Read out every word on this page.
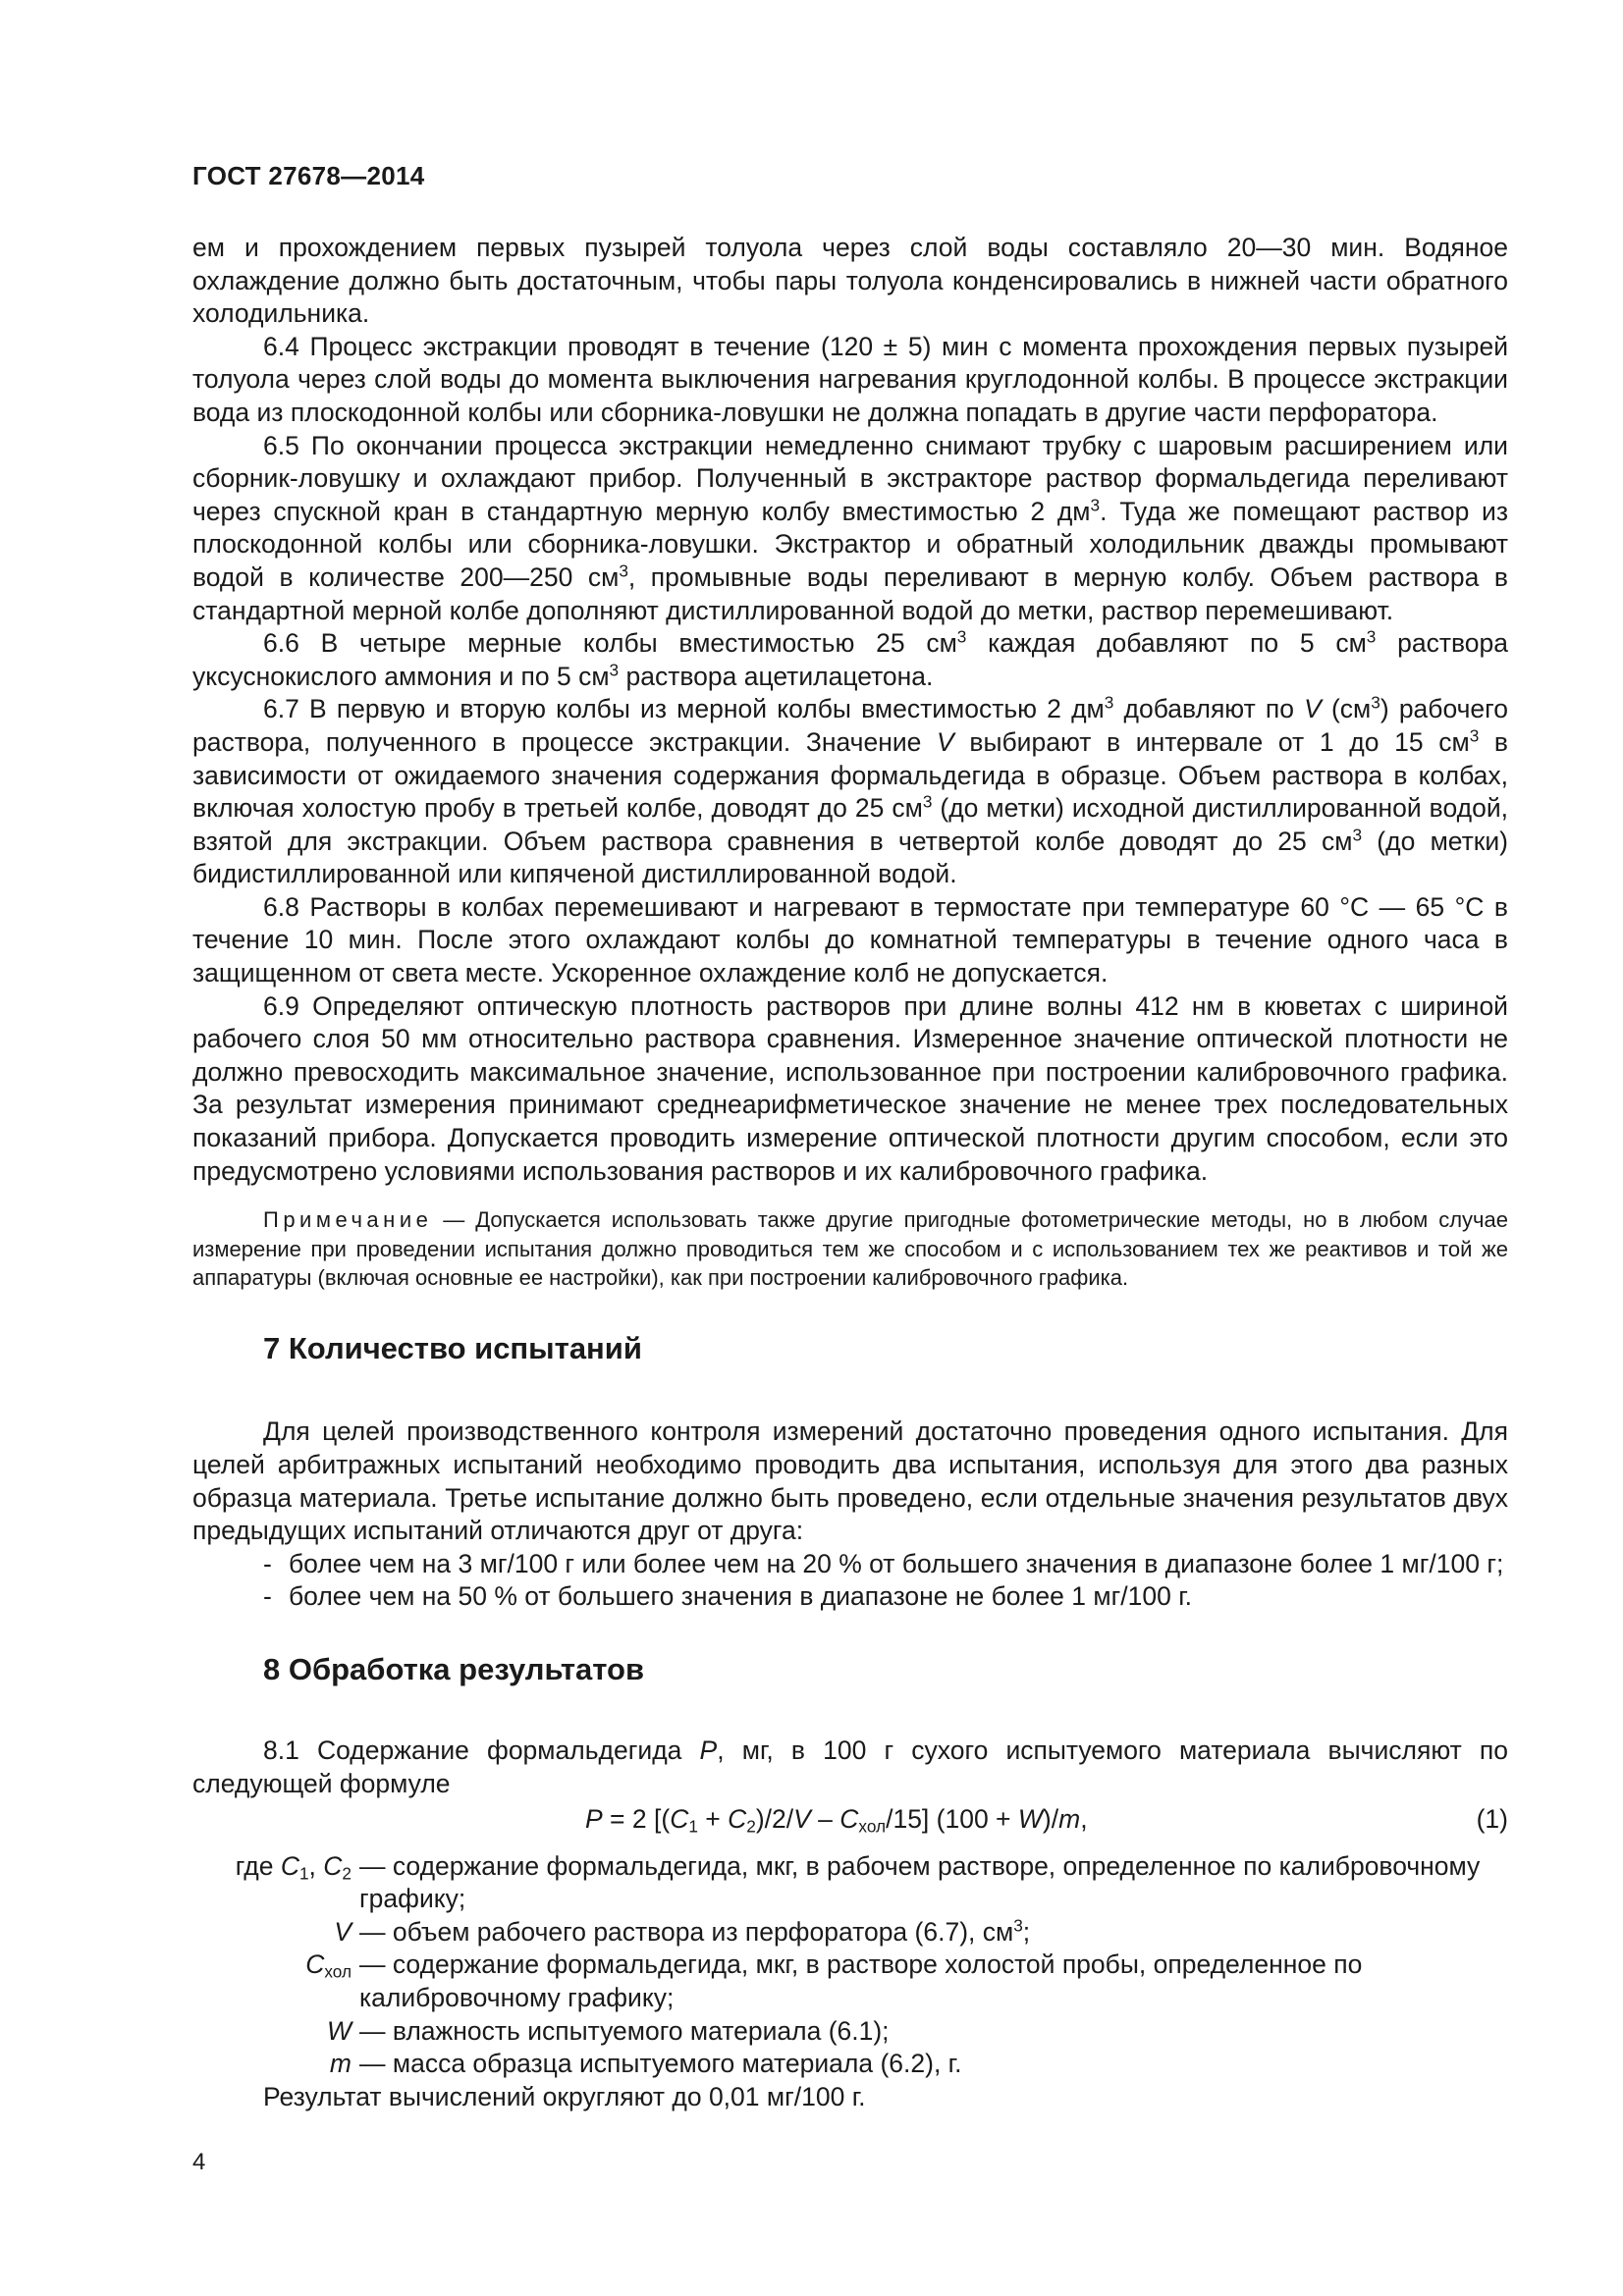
ГОСТ 27678—2014

ем и прохождением первых пузырей толуола через слой воды составляло 20—30 мин. Водяное охлаждение должно быть достаточным, чтобы пары толуола конденсировались в нижней части обратного холодильника.

6.4 Процесс экстракции проводят в течение (120 ± 5) мин с момента прохождения первых пузырей толуола через слой воды до момента выключения нагревания круглодонной колбы. В процессе экстракции вода из плоскодонной колбы или сборника-ловушки не должна попадать в другие части перфоратора.

6.5 По окончании процесса экстракции немедленно снимают трубку с шаровым расширением или сборник-ловушку и охлаждают прибор. Полученный в экстракторе раствор формальдегида переливают через спускной кран в стандартную мерную колбу вместимостью 2 $дм^3$. Туда же помещают раствор из плоскодонной колбы или сборника-ловушки. Экстрактор и обратный холодильник дважды промывают водой в количестве 200—250 $см^3$, промывные воды переливают в мерную колбу. Объем раствора в стандартной мерной колбе дополняют дистиллированной водой до метки, раствор перемешивают.

6.6 В четыре мерные колбы вместимостью 25 $см^3$ каждая добавляют по 5 $см^3$ раствора уксуснокислого аммония и по 5 $см^3$ раствора ацетилацетона.

6.7 В первую и вторую колбы из мерной колбы вместимостью 2 $дм^3$ добавляют по V $(см^3)$ рабочего раствора, полученного в процессе экстракции. Значение V выбирают в интервале от 1 до 15 $см^3$ в зависимости от ожидаемого значения содержания формальдегида в образце. Объем раствора в колбах, включая холостую пробу в третьей колбе, доводят до 25 $см^3$ (до метки) исходной дистиллированной водой, взятой для экстракции. Объем раствора сравнения в четвертой колбе доводят до 25 $см^3$ (до метки) бидистиллированной или кипяченой дистиллированной водой.

6.8 Растворы в колбах перемешивают и нагревают в термостате при температуре 60 °C — 65 °C в течение 10 мин. После этого охлаждают колбы до комнатной температуры в течение одного часа в защищенном от света месте. Ускоренное охлаждение колб не допускается.

6.9 Определяют оптическую плотность растворов при длине волны 412 нм в кюветах с шириной рабочего слоя 50 мм относительно раствора сравнения. Измеренное значение оптической плотности не должно превосходить максимальное значение, использованное при построении калибровочного графика. За результат измерения принимают среднеарифметическое значение не менее трех последовательных показаний прибора. Допускается проводить измерение оптической плотности другим способом, если это предусмотрено условиями использования растворов и их калибровочного графика.

Примечание — Допускается использовать также другие пригодные фотометрические методы, но в любом случае измерение при проведении испытания должно проводиться тем же способом и с использованием тех же реактивов и той же аппаратуры (включая основные ее настройки), как при построении калибровочного графика.

7 Количество испытаний

Для целей производственного контроля измерений достаточно проведения одного испытания. Для целей арбитражных испытаний необходимо проводить два испытания, используя для этого два разных образца материала. Третье испытание должно быть проведено, если отдельные значения результатов двух предыдущих испытаний отличаются друг от друга:

- более чем на 3 мг/100 г или более чем на 20 % от большего значения в диапазоне более 1 мг/100 г;
- более чем на 50 % от большего значения в диапазоне не более 1 мг/100 г.
8 Обработка результатов

8.1 Содержание формальдегида P, мг, в 100 г сухого испытуемого материала вычисляют по следующей формуле

P = 2 $[(C_1 + C_2)/2/V - C_{хол}/15] (100 + W)/m$,	(1)
где $C_1$, $C_2$ — содержание формальдегида, мкг, в рабочем растворе, определенное по калибровочному графику;
V — объем рабочего раствора из перфоратора (6.7), $см^3$;
$C_{хол}$ — содержание формальдегида, мкг, в растворе холостой пробы, определенное по калибровочному графику;
W — влажность испытуемого материала (6.1);
m — масса образца испытуемого материала (6.2), г.

Результат вычислений округляют до 0,01 мг/100 г.

4
